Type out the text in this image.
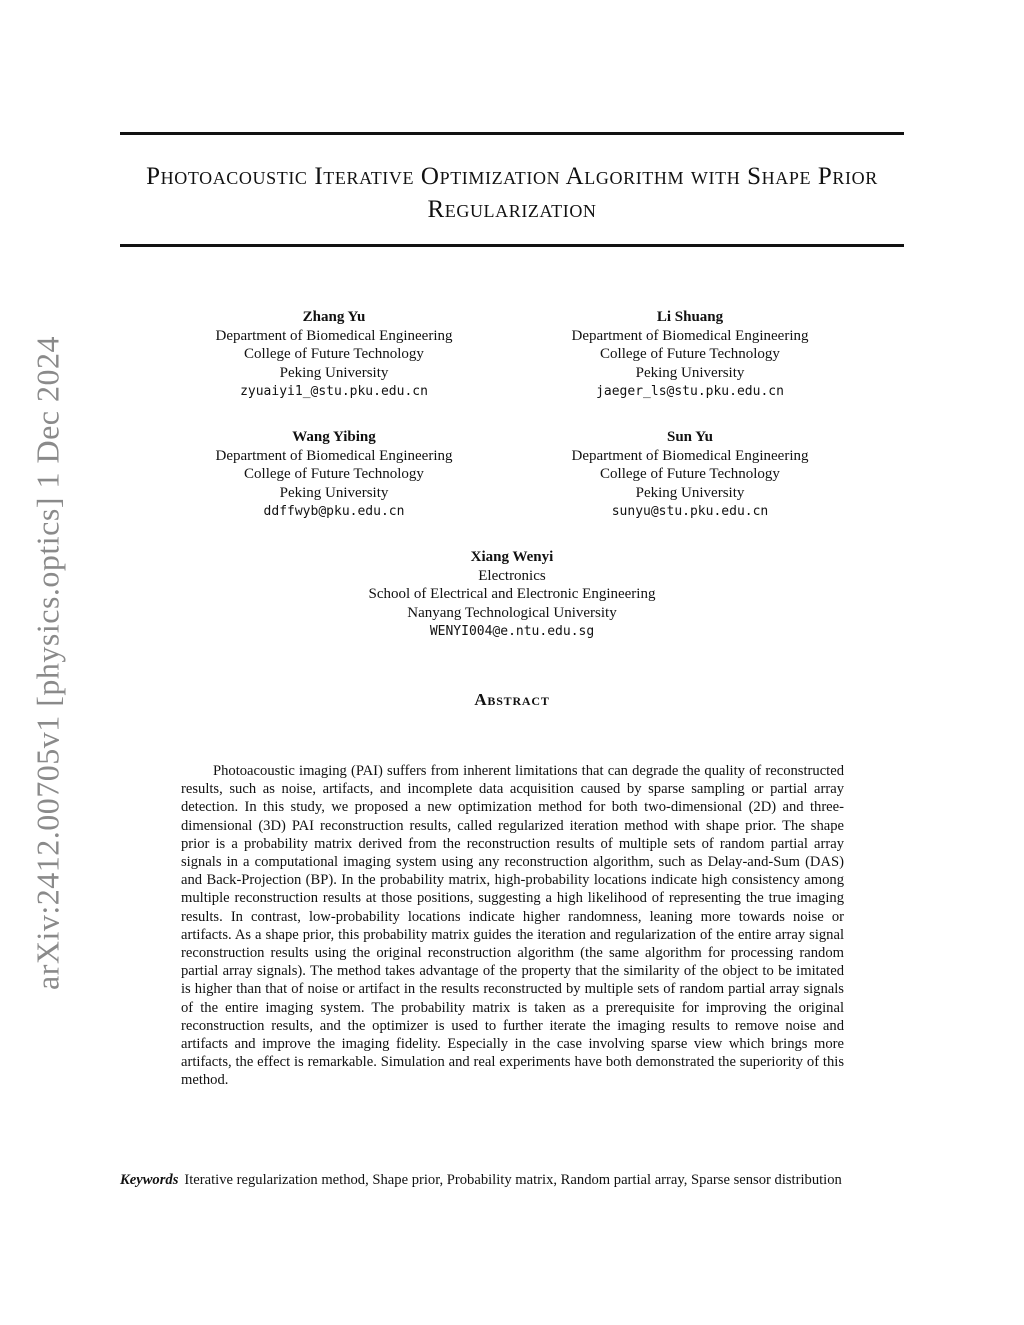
arXiv:2412.00705v1 [physics.optics] 1 Dec 2024
Photoacoustic Iterative Optimization Algorithm with Shape Prior Regularization
Zhang Yu
Department of Biomedical Engineering
College of Future Technology
Peking University
zyuaiyi1_@stu.pku.edu.cn
Li Shuang
Department of Biomedical Engineering
College of Future Technology
Peking University
jaeger_ls@stu.pku.edu.cn
Wang Yibing
Department of Biomedical Engineering
College of Future Technology
Peking University
ddffwyb@pku.edu.cn
Sun Yu
Department of Biomedical Engineering
College of Future Technology
Peking University
sunyu@stu.pku.edu.cn
Xiang Wenyi
Electronics
School of Electrical and Electronic Engineering
Nanyang Technological University
WENYI004@e.ntu.edu.sg
Abstract

Photoacoustic imaging (PAI) suffers from inherent limitations that can degrade the quality of reconstructed results, such as noise, artifacts, and incomplete data acquisition caused by sparse sampling or partial array detection. In this study, we proposed a new optimization method for both two-dimensional (2D) and three-dimensional (3D) PAI reconstruction results, called regularized iteration method with shape prior. The shape prior is a probability matrix derived from the reconstruction results of multiple sets of random partial array signals in a computational imaging system using any reconstruction algorithm, such as Delay-and-Sum (DAS) and Back-Projection (BP). In the probability matrix, high-probability locations indicate high consistency among multiple reconstruction results at those positions, suggesting a high likelihood of representing the true imaging results. In contrast, low-probability locations indicate higher randomness, leaning more towards noise or artifacts. As a shape prior, this probability matrix guides the iteration and regularization of the entire array signal reconstruction results using the original reconstruction algorithm (the same algorithm for processing random partial array signals). The method takes advantage of the property that the similarity of the object to be imitated is higher than that of noise or artifact in the results reconstructed by multiple sets of random partial array signals of the entire imaging system. The probability matrix is taken as a prerequisite for improving the original reconstruction results, and the optimizer is used to further iterate the imaging results to remove noise and artifacts and improve the imaging fidelity. Especially in the case involving sparse view which brings more artifacts, the effect is remarkable. Simulation and real experiments have both demonstrated the superiority of this method.

Keywords Iterative regularization method, Shape prior, Probability matrix, Random partial array, Sparse sensor distribution
